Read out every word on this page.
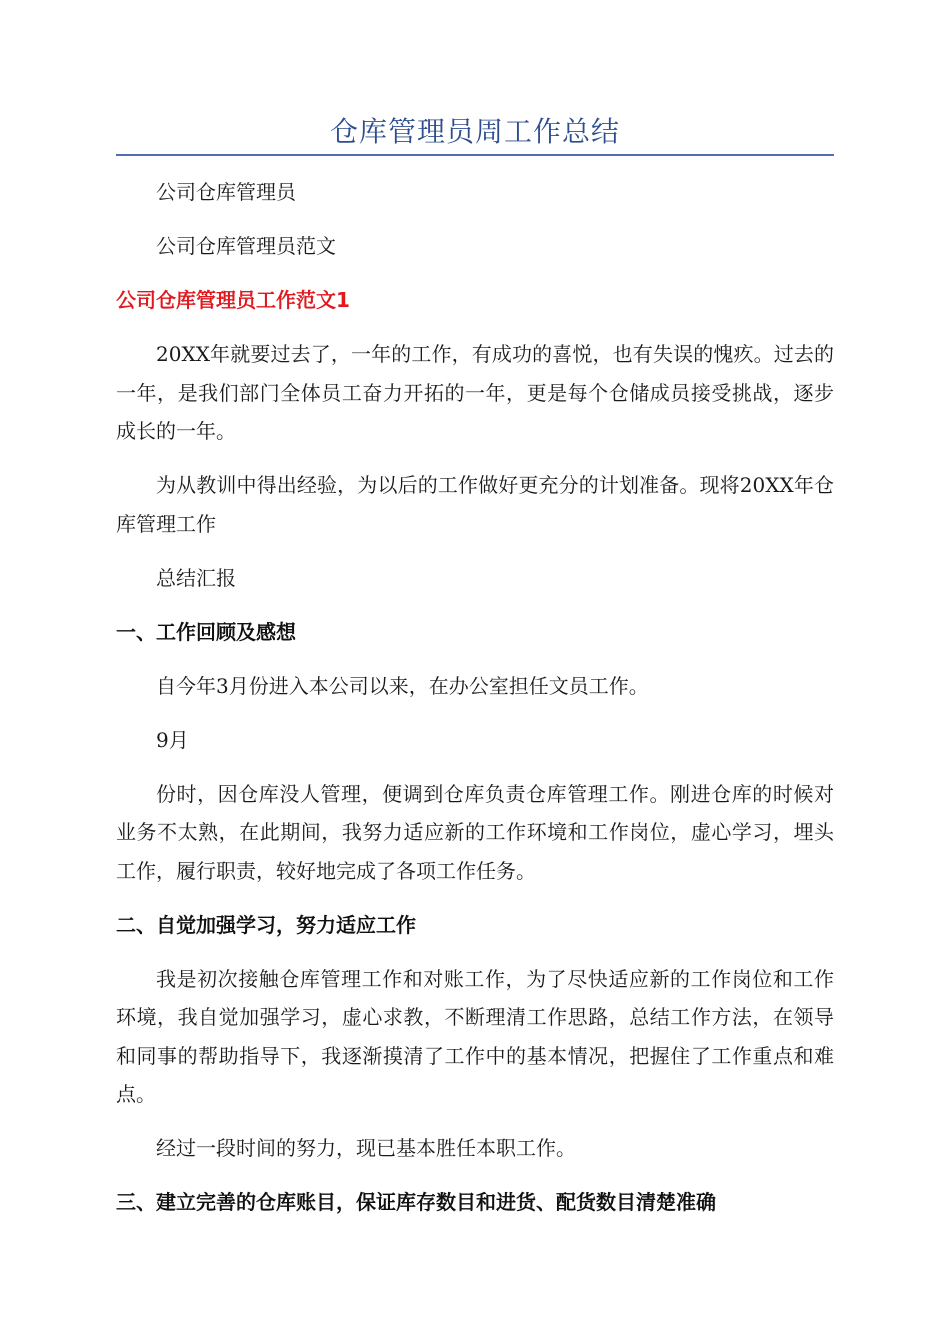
仓库管理员周工作总结

公司仓库管理员

公司仓库管理员范文

公司仓库管理员工作范文1

20XX年就要过去了，一年的工作，有成功的喜悦，也有失误的愧疚。过去的一年，是我们部门全体员工奋力开拓的一年，更是每个仓储成员接受挑战，逐步成长的一年。

为从教训中得出经验，为以后的工作做好更充分的计划准备。现将20XX年仓库管理工作

总结汇报

一、工作回顾及感想

自今年3月份进入本公司以来，在办公室担任文员工作。

9月

份时，因仓库没人管理，便调到仓库负责仓库管理工作。刚进仓库的时候对业务不太熟，在此期间，我努力适应新的工作环境和工作岗位，虚心学习，埋头工作，履行职责，较好地完成了各项工作任务。

二、自觉加强学习，努力适应工作

我是初次接触仓库管理工作和对账工作，为了尽快适应新的工作岗位和工作环境，我自觉加强学习，虚心求教，不断理清工作思路，总结工作方法，在领导和同事的帮助指导下，我逐渐摸清了工作中的基本情况，把握住了工作重点和难点。

经过一段时间的努力，现已基本胜任本职工作。

三、建立完善的仓库账目，保证库存数目和进货、配货数目清楚准确
